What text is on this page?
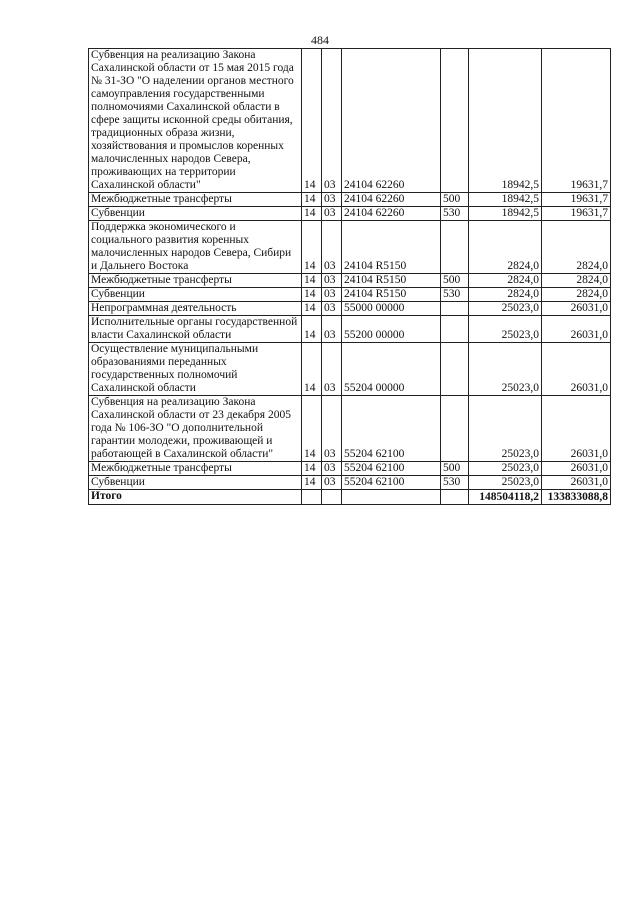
484
Субвенция на реализацию Закона Сахалинской области от 15 мая 2015 года № 31-ЗО "О наделении органов местного самоуправления государственными полномочиями Сахалинской области в сфере защиты исконной среды обитания, традиционных образа жизни, хозяйствования и промыслов коренных малочисленных народов Севера, проживающих на территории Сахалинской области"	14	03	24104 62260		18942,5	19631,7
Межбюджетные трансферты	14	03	24104 62260	500	18942,5	19631,7
Субвенции	14	03	24104 62260	530	18942,5	19631,7
Поддержка экономического и социального развития коренных малочисленных народов Севера, Сибири и Дальнего Востока	14	03	24104 R5150		2824,0	2824,0
Межбюджетные трансферты	14	03	24104 R5150	500	2824,0	2824,0
Субвенции	14	03	24104 R5150	530	2824,0	2824,0
Непрограммная деятельность	14	03	55000 00000		25023,0	26031,0
Исполнительные органы государственной власти Сахалинской области	14	03	55200 00000		25023,0	26031,0
Осуществление муниципальными образованиями переданных государственных полномочий Сахалинской области	14	03	55204 00000		25023,0	26031,0
Субвенция на реализацию Закона Сахалинской области от 23 декабря 2005 года № 106-ЗО "О дополнительной гарантии молодежи, проживающей и работающей в Сахалинской области"	14	03	55204 62100		25023,0	26031,0
Межбюджетные трансферты	14	03	55204 62100	500	25023,0	26031,0
Субвенции	14	03	55204 62100	530	25023,0	26031,0
Итого					148504118,2	133833088,8
